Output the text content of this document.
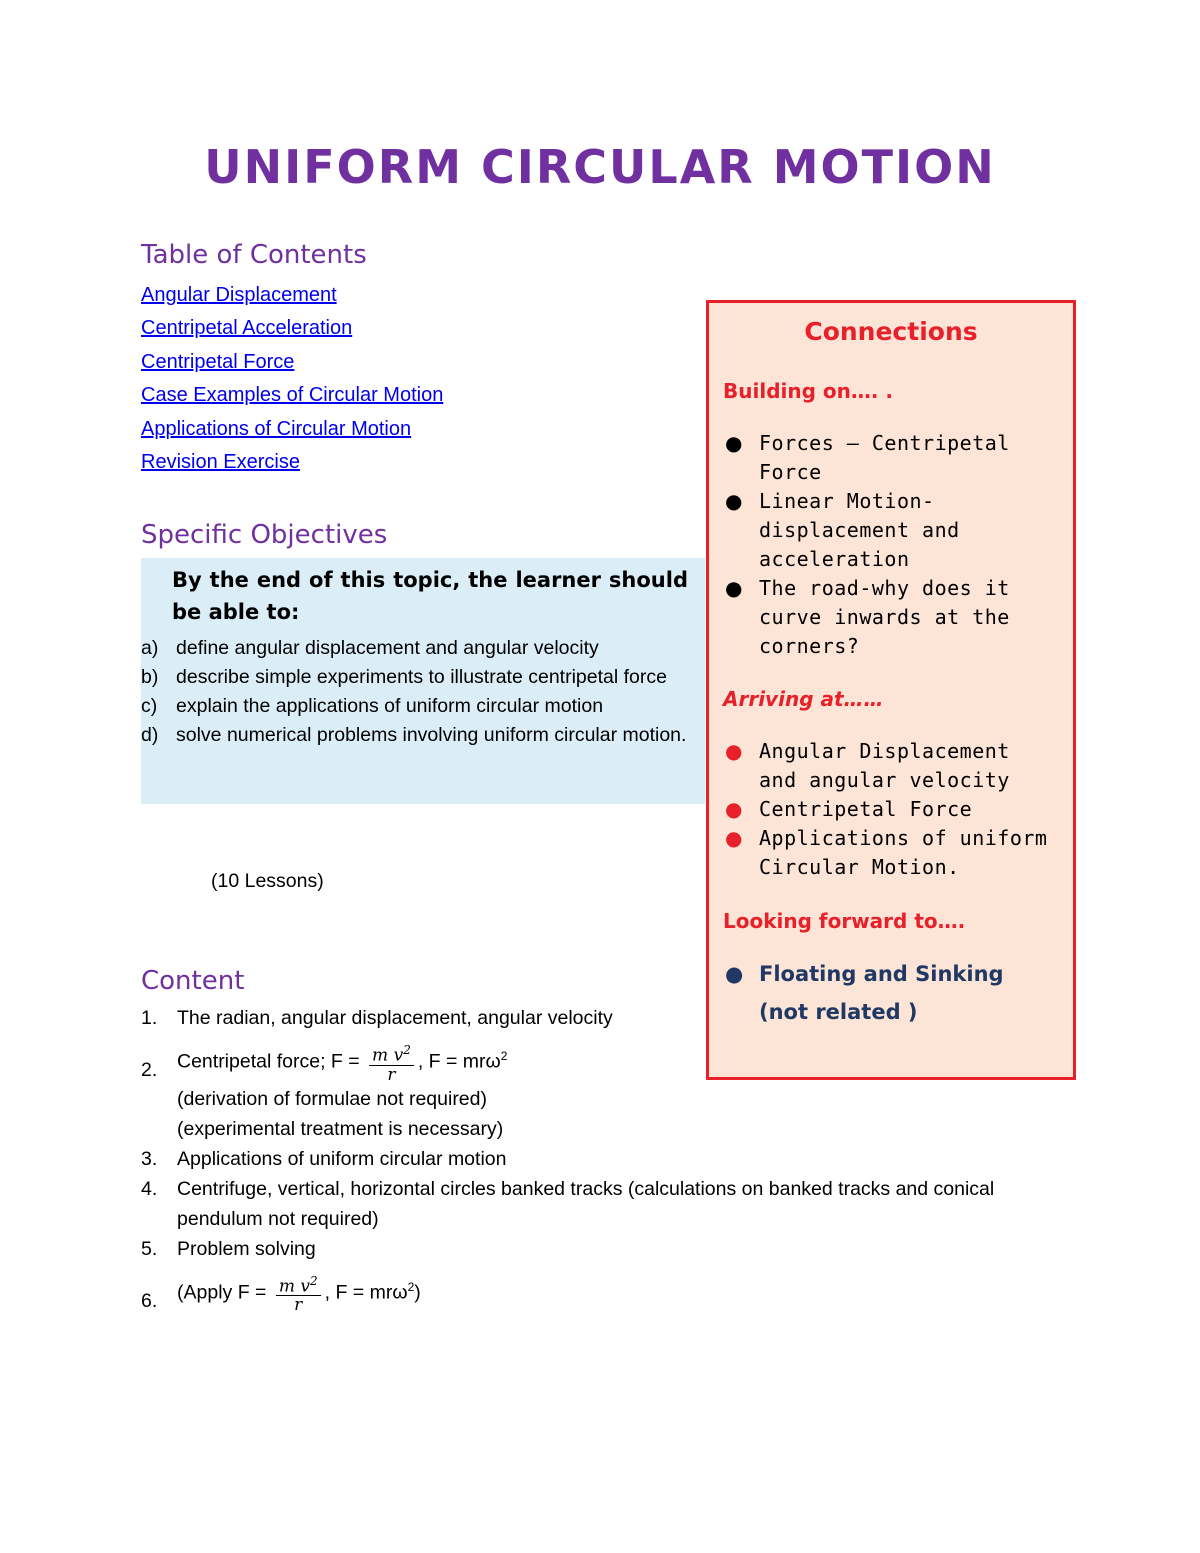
UNIFORM CIRCULAR MOTION
Table of Contents
Angular Displacement
Centripetal Acceleration
Centripetal Force
Case Examples of Circular Motion
Applications of Circular Motion
Revision Exercise
Specific Objectives

By the end of this topic, the learner should be able to:

a) define angular displacement and angular velocity
b) describe simple experiments to illustrate centripetal force
c) explain the applications of uniform circular motion
d) solve numerical problems involving uniform circular motion.

(10 Lessons)

Content
1. The radian, angular displacement, angular velocity
2. Centripetal force; $F = \frac{m v^2}{r}$ , F = mrω$^2$
(derivation of formulae not required)
(experimental treatment is necessary)
3. Applications of uniform circular motion
4. Centrifuge, vertical, horizontal circles banked tracks (calculations on banked tracks and conical pendulum not required)
5. Problem solving
6. (Apply $F = \frac{m v^2}{r}$ , F = mrω$^2$)
Connections

Building on…. .

● Forces – Centripetal Force
● Linear Motion- displacement and acceleration
● The road-why does it curve inwards at the corners?

Arriving at……

● Angular Displacement and angular velocity
● Centripetal Force
● Applications of uniform Circular Motion.

Looking forward to….

● Floating and Sinking (not related )
